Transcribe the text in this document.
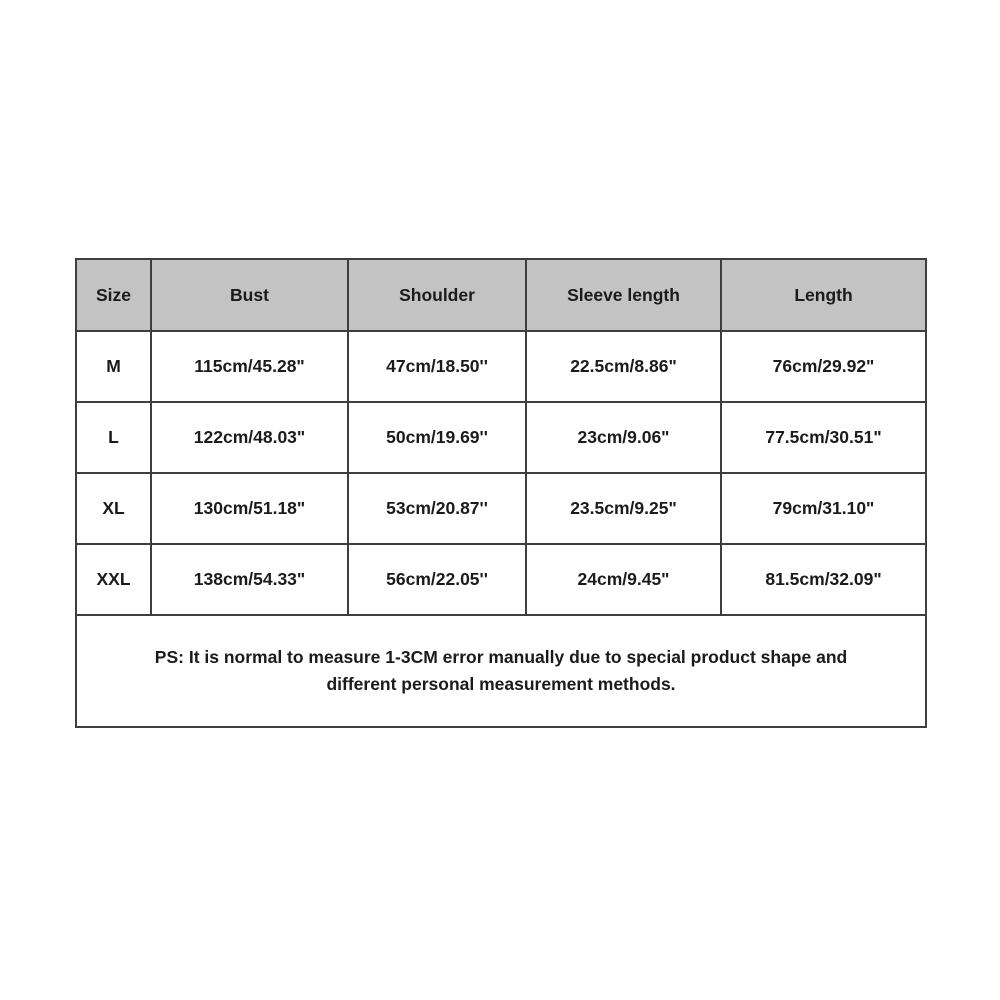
Size	Bust	Shoulder	Sleeve length	Length
M	115cm/45.28"	47cm/18.50''	22.5cm/8.86"	76cm/29.92"
L	122cm/48.03"	50cm/19.69''	23cm/9.06"	77.5cm/30.51"
XL	130cm/51.18"	53cm/20.87''	23.5cm/9.25"	79cm/31.10"
XXL	138cm/54.33"	56cm/22.05''	24cm/9.45"	81.5cm/32.09"
PS: It is normal to measure 1-3CM error manually due to special product shape and different personal measurement methods.				
